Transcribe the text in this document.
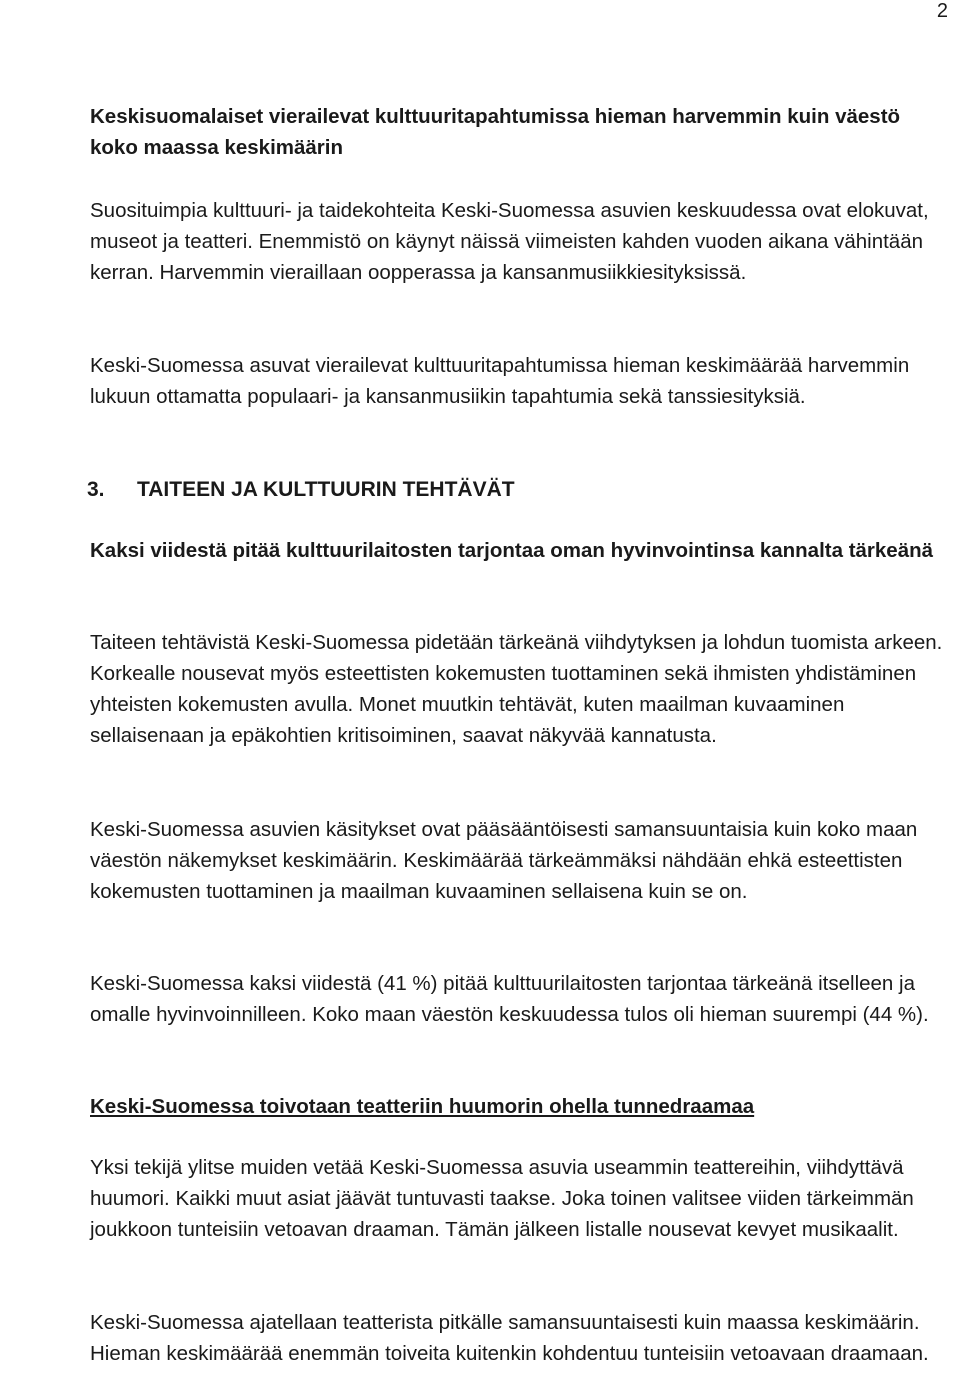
2

Keskisuomalaiset vierailevat kulttuuritapahtumissa hieman harvemmin kuin väestö koko maassa keskimäärin

Suosituimpia kulttuuri- ja taidekohteita Keski-Suomessa asuvien keskuudessa ovat elokuvat, museot ja teatteri. Enemmistö on käynyt näissä viimeisten kahden vuoden aikana vähintään kerran. Harvemmin vieraillaan oopperassa ja kansanmusiikkiesityksissä.

Keski-Suomessa asuvat vierailevat kulttuuritapahtumissa hieman keskimäärää harvemmin lukuun ottamatta populaari- ja kansanmusiikin tapahtumia sekä tanssiesityksiä.

3. TAITEEN JA KULTTUURIN TEHTÄVÄT

Kaksi viidestä pitää kulttuurilaitosten tarjontaa oman hyvinvointinsa kannalta tärkeänä

Taiteen tehtävistä Keski-Suomessa pidetään tärkeänä viihdytyksen ja lohdun tuomista arkeen. Korkealle nousevat myös esteettisten kokemusten tuottaminen sekä ihmisten yhdistäminen yhteisten kokemusten avulla. Monet muutkin tehtävät, kuten maailman kuvaaminen sellaisenaan ja epäkohtien kritisoiminen, saavat näkyvää kannatusta.

Keski-Suomessa asuvien käsitykset ovat pääsääntöisesti samansuuntaisia kuin koko maan väestön näkemykset keskimäärin. Keskimäärää tärkeämmäksi nähdään ehkä esteettisten kokemusten tuottaminen ja maailman kuvaaminen sellaisena kuin se on.

Keski-Suomessa kaksi viidestä (41 %) pitää kulttuurilaitosten tarjontaa tärkeänä itselleen ja omalle hyvinvoinnilleen. Koko maan väestön keskuudessa tulos oli hieman suurempi (44 %).

Keski-Suomessa toivotaan teatteriin huumorin ohella tunnedraamaa

Yksi tekijä ylitse muiden vetää Keski-Suomessa asuvia useammin teattereihin, viihdyttävä huumori. Kaikki muut asiat jäävät tuntuvasti taakse. Joka toinen valitsee viiden tärkeimmän joukkoon tunteisiin vetoavan draaman. Tämän jälkeen listalle nousevat kevyet musikaalit.

Keski-Suomessa ajatellaan teatterista pitkälle samansuuntaisesti kuin maassa keskimäärin. Hieman keskimäärää enemmän toiveita kuitenkin kohdentuu tunteisiin vetoavaan draamaan.
